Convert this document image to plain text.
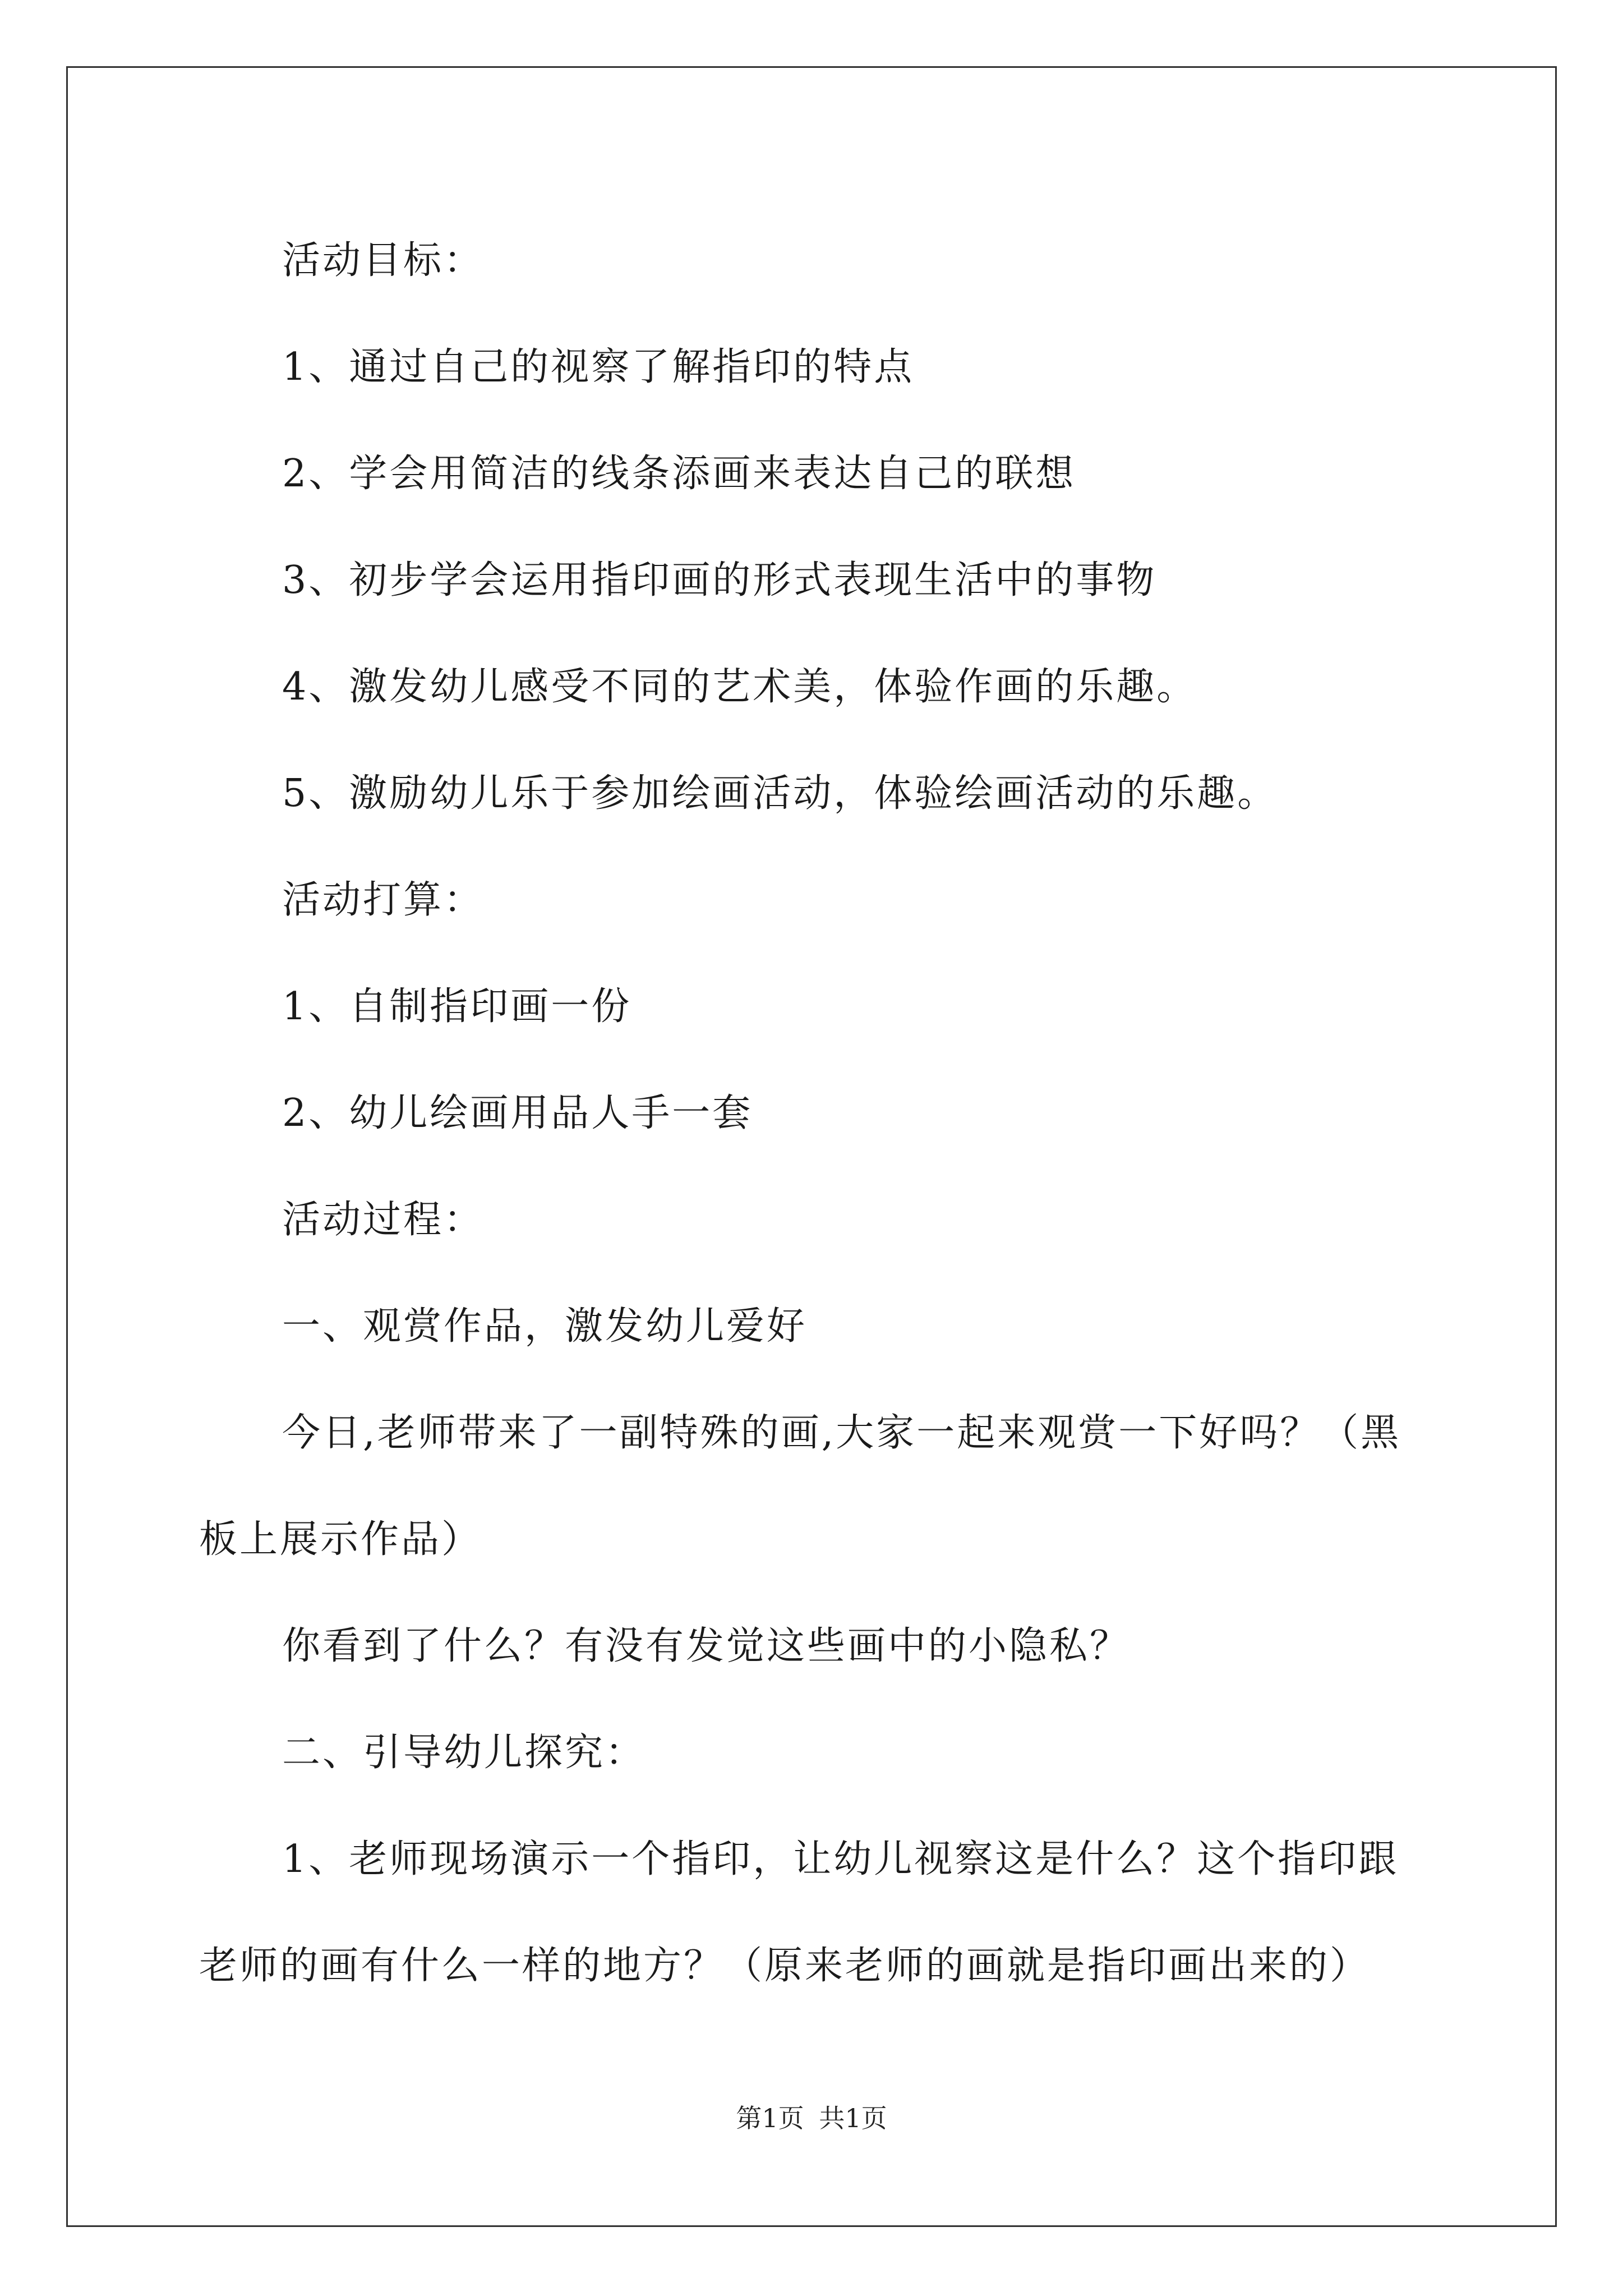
活动目标：

1、通过自己的视察了解指印的特点

2、学会用简洁的线条添画来表达自己的联想

3、初步学会运用指印画的形式表现生活中的事物

4、激发幼儿感受不同的艺术美，体验作画的乐趣。

5、激励幼儿乐于参加绘画活动，体验绘画活动的乐趣。

活动打算：

1、自制指印画一份

2、幼儿绘画用品人手一套

活动过程：

一、观赏作品，激发幼儿爱好

今日,老师带来了一副特殊的画,大家一起来观赏一下好吗？（黑板上展示作品）

你看到了什么？有没有发觉这些画中的小隐私？

二、引导幼儿探究：

1、老师现场演示一个指印，让幼儿视察这是什么？这个指印跟老师的画有什么一样的地方？（原来老师的画就是指印画出来的）

第1页 共1页
